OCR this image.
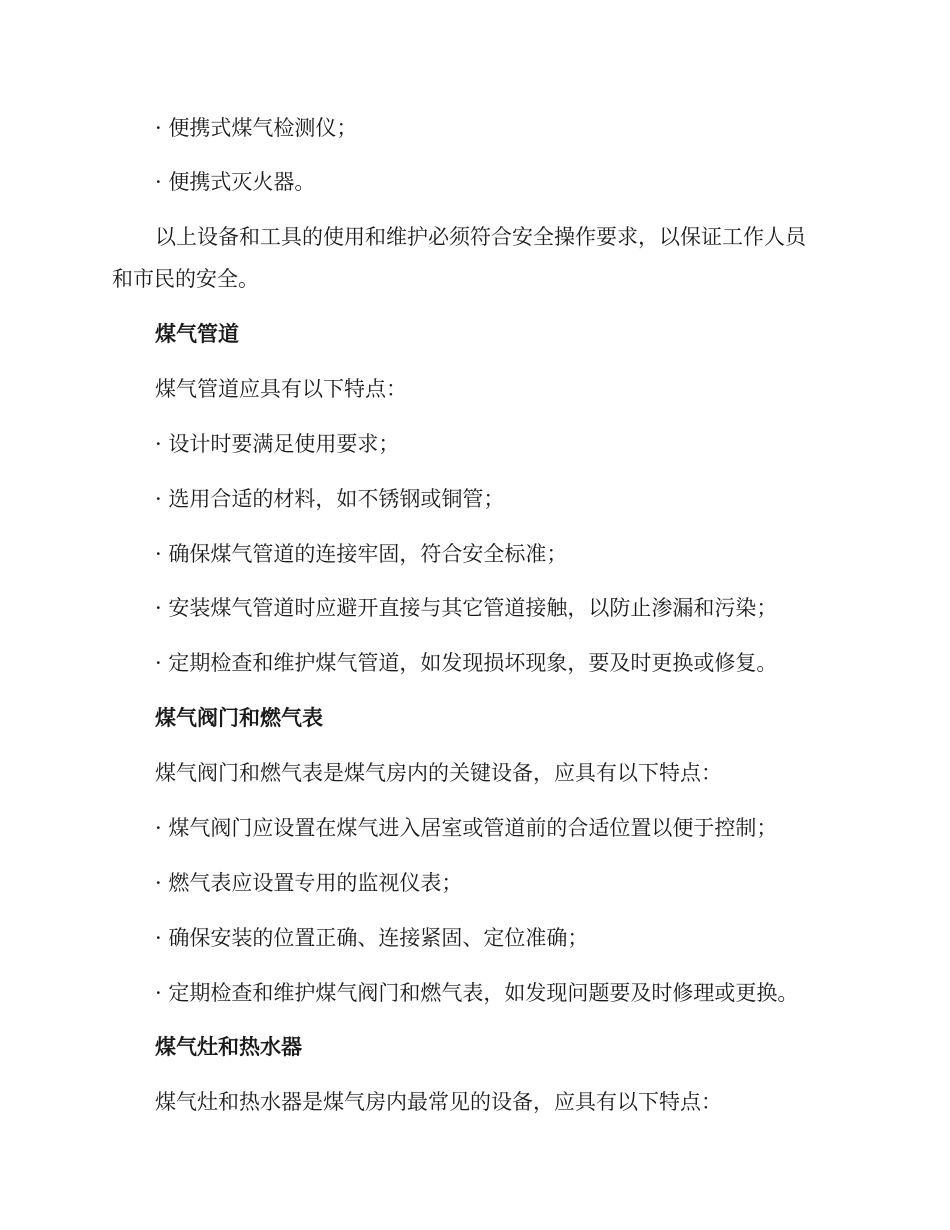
· 便携式煤气检测仪；
· 便携式灭火器。
以上设备和工具的使用和维护必须符合安全操作要求，以保证工作人员
和市民的安全。
煤气管道
煤气管道应具有以下特点：
· 设计时要满足使用要求；
· 选用合适的材料，如不锈钢或铜管；
· 确保煤气管道的连接牢固，符合安全标准；
· 安装煤气管道时应避开直接与其它管道接触，以防止渗漏和污染；
· 定期检查和维护煤气管道，如发现损坏现象，要及时更换或修复。
煤气阀门和燃气表
煤气阀门和燃气表是煤气房内的关键设备，应具有以下特点：
· 煤气阀门应设置在煤气进入居室或管道前的合适位置以便于控制；
· 燃气表应设置专用的监视仪表；
· 确保安装的位置正确、连接紧固、定位准确；
· 定期检查和维护煤气阀门和燃气表，如发现问题要及时修理或更换。
煤气灶和热水器
煤气灶和热水器是煤气房内最常见的设备，应具有以下特点：
